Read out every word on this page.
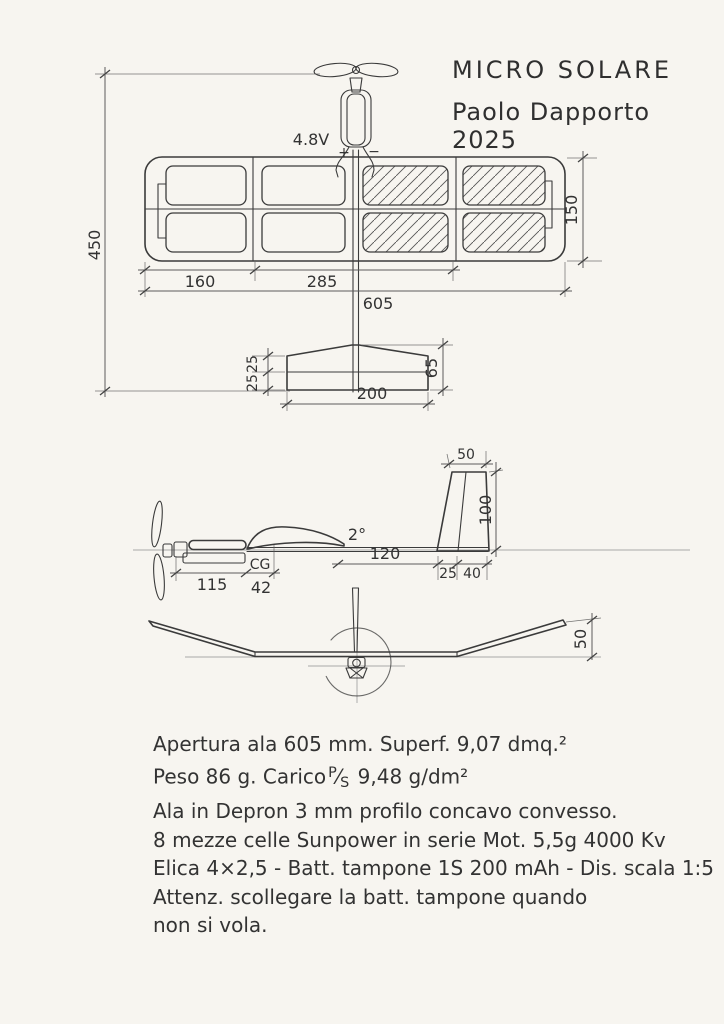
4.8V
+ −
450
150
160	285
605
25
25
65
200
2°
115
CG
42
120
25 40
50
100
50
MICRO SOLARE
Paolo Dapporto 2025
Apertura ala 605 mm. Superf. 9,07 dmq.²
Peso 86 g. Carico $^P$⁄S 9,48 g/dm²
Ala in Depron 3 mm profilo concavo convesso.
8 mezze celle Sunpower in serie Mot. 5,5g 4000 Kv
Elica 4×2,5 - Batt. tampone 1S 200 mAh - Dis. scala 1:5
Attenz. scollegare la batt. tampone quando
non si vola.
